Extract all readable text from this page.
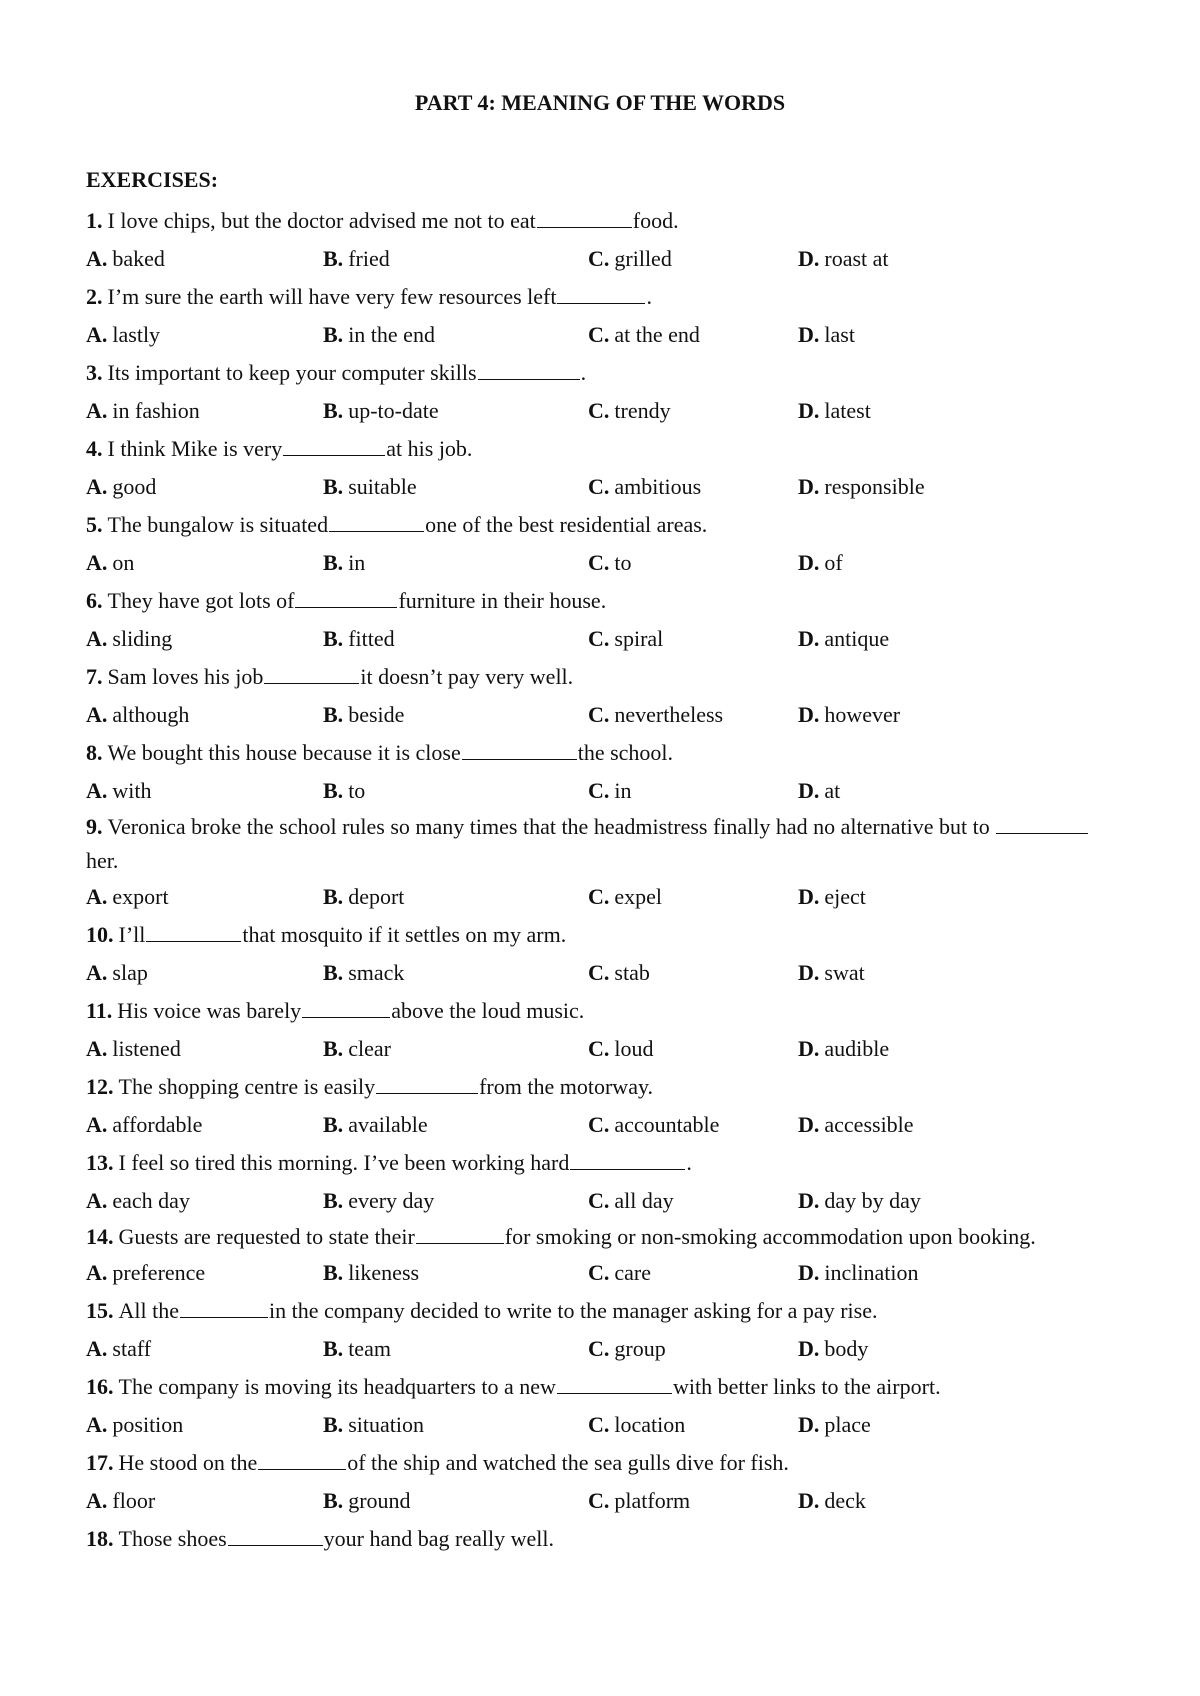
PART 4: MEANING OF THE WORDS
EXERCISES:
1. I love chips, but the doctor advised me not to eat	food.
A. baked	B. fried	C. grilled	D. roast at
2. I’m sure the earth will have very few resources left	.
A. lastly	B. in the end	C. at the end	D. last
3. Its important to keep your computer skills	.
A. in fashion	B. up-to-date	C. trendy	D. latest
4. I think Mike is very	at his job.
A. good	B. suitable	C. ambitious	D. responsible
5. The bungalow is situated	one of the best residential areas.
A. on	B. in	C. to	D. of
6. They have got lots of	furniture in their house.
A. sliding	B. fitted	C. spiral	D. antique
7. Sam loves his job	it doesn’t pay very well.
A. although	B. beside	C. nevertheless	D. however
8. We bought this house because it is close	the school.
A. with	B. to	C. in	D. at
9. Veronica broke the school rules so many times that the headmistress finally had no alternative but to her.
A. export	B. deport	C. expel	D. eject
10. I’ll	that mosquito if it settles on my arm.
A. slap	B. smack	C. stab	D. swat
11. His voice was barely	above the loud music.
A. listened	B. clear	C. loud	D. audible
12. The shopping centre is easily	from the motorway.
A. affordable	B. available	C. accountable	D. accessible
13. I feel so tired this morning. I’ve been working hard	.
A. each day	B. every day	C. all day	D. day by day
14. Guests are requested to state their	for smoking or non-smoking accommodation upon booking.
A. preference	B. likeness	C. care	D. inclination
15. All the	in the company decided to write to the manager asking for a pay rise.
A. staff	B. team	C. group	D. body
16. The company is moving its headquarters to a new	with better links to the airport.
A. position	B. situation	C. location	D. place
17. He stood on the	of the ship and watched the sea gulls dive for fish.
A. floor	B. ground	C. platform	D. deck
18. Those shoes	your hand bag really well.
